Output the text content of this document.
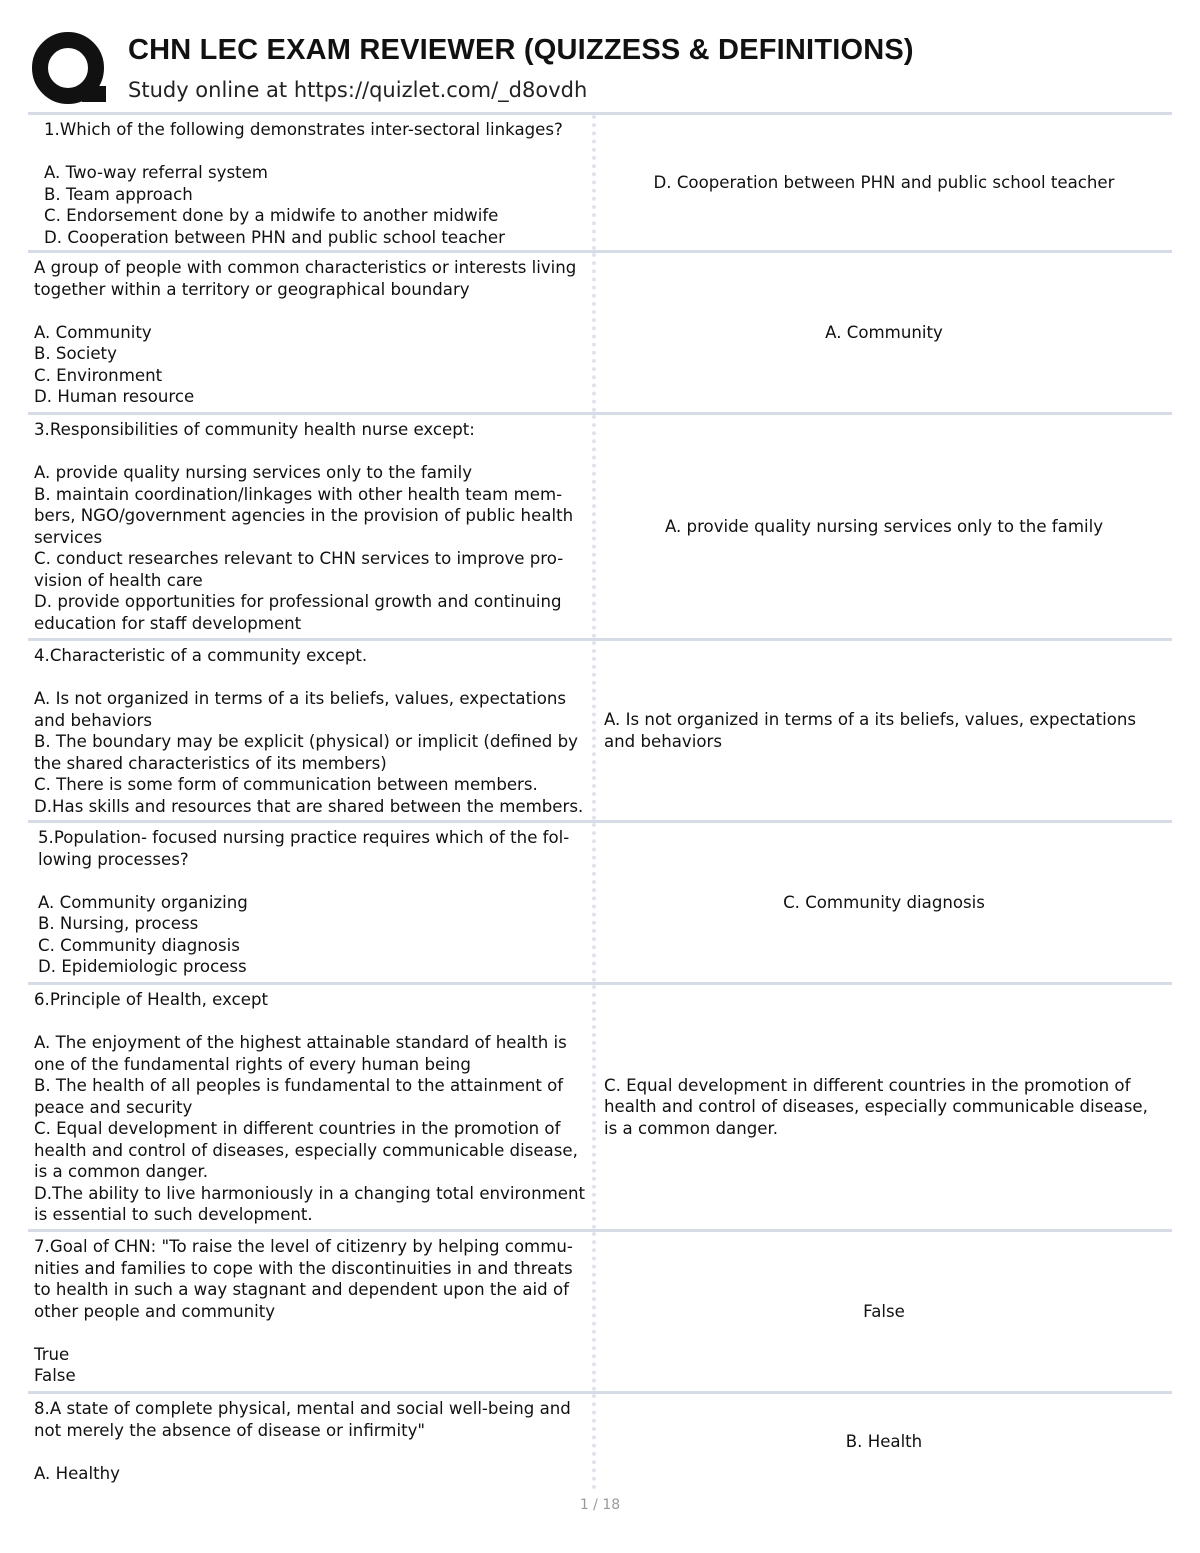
CHN LEC EXAM REVIEWER (QUIZZESS & DEFINITIONS)
Study online at https://quizlet.com/_d8ovdh
1.Which of the following demonstrates inter-sectoral linkages?

A. Two-way referral system
B. Team approach
C. Endorsement done by a midwife to another midwife
D. Cooperation between PHN and public school teacher
D. Cooperation between PHN and public school teacher
A group of people with common characteristics or interests living together within a territory or geographical boundary

A. Community
B. Society
C. Environment
D. Human resource
A. Community
3.Responsibilities of community health nurse except:

A. provide quality nursing services only to the family
B. maintain coordination/linkages with other health team mem-bers, NGO/government agencies in the provision of public health services
C. conduct researches relevant to CHN services to improve pro-vision of health care
D. provide opportunities for professional growth and continuing education for staff development
A. provide quality nursing services only to the family
4.Characteristic of a community except.

A. Is not organized in terms of a its beliefs, values, expectations and behaviors
B. The boundary may be explicit (physical) or implicit (defined by the shared characteristics of its members)
C. There is some form of communication between members.
D.Has skills and resources that are shared between the members.
A. Is not organized in terms of a its beliefs, values, expectations and behaviors
5.Population- focused nursing practice requires which of the fol-lowing processes?

A. Community organizing
B. Nursing, process
C. Community diagnosis
D. Epidemiologic process
C. Community diagnosis
6.Principle of Health, except

A. The enjoyment of the highest attainable standard of health is one of the fundamental rights of every human being
B. The health of all peoples is fundamental to the attainment of peace and security
C. Equal development in different countries in the promotion of health and control of diseases, especially communicable disease, is a common danger.
D.The ability to live harmoniously in a changing total environment is essential to such development.
C. Equal development in different countries in the promotion of health and control of diseases, especially communicable disease, is a common danger.
7.Goal of CHN: "To raise the level of citizenry by helping commu-nities and families to cope with the discontinuities in and threats to health in such a way stagnant and dependent upon the aid of other people and community

True
False
False
8.A state of complete physical, mental and social well-being and not merely the absence of disease or infirmity"

A. Healthy
B. Health
1 / 18
